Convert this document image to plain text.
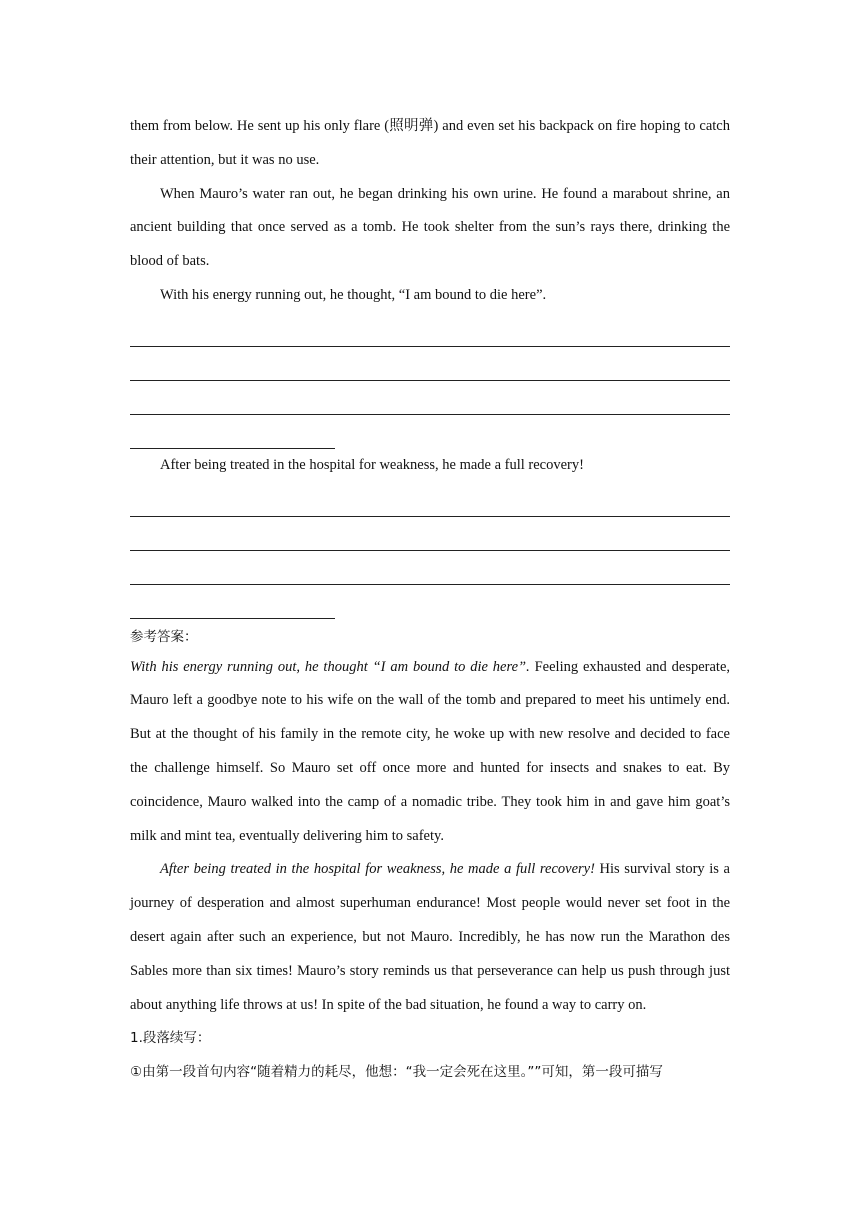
them from below. He sent up his only flare (照明弹) and even set his backpack on fire hoping to catch their attention, but it was no use.

When Mauro’s water ran out, he began drinking his own urine. He found a marabout shrine, an ancient building that once served as a tomb. He took shelter from the sun’s rays there, drinking the blood of bats.

With his energy running out, he thought, “I am bound to die here”.

After being treated in the hospital for weakness, he made a full recovery!

参考答案：

With his energy running out, he thought “I am bound to die here”. Feeling exhausted and desperate, Mauro left a goodbye note to his wife on the wall of the tomb and prepared to meet his untimely end. But at the thought of his family in the remote city, he woke up with new resolve and decided to face the challenge himself. So Mauro set off once more and hunted for insects and snakes to eat. By coincidence, Mauro walked into the camp of a nomadic tribe. They took him in and gave him goat’s milk and mint tea, eventually delivering him to safety.

After being treated in the hospital for weakness, he made a full recovery! His survival story is a journey of desperation and almost superhuman endurance! Most people would never set foot in the desert again after such an experience, but not Mauro. Incredibly, he has now run the Marathon des Sables more than six times! Mauro’s story reminds us that perseverance can help us push through just about anything life throws at us! In spite of the bad situation, he found a way to carry on.

1.段落续写：

①由第一段首句内容“随着精力的耗尽，他想：“我一定会死在这里。””可知，第一段可描写
